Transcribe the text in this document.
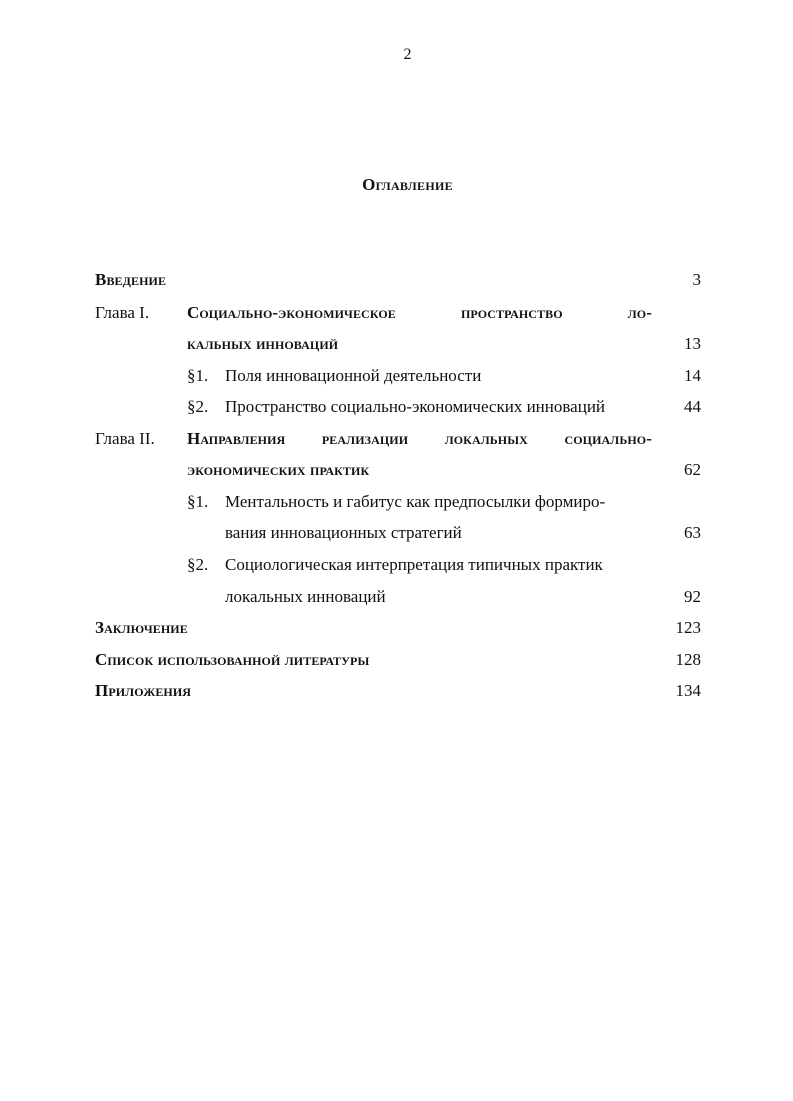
2
Оглавление
Введение	3
Глава I. Социально-экономическое	пространство	ло-
кальных инноваций	13
§1. Поля инновационной деятельности	14
§2. Пространство социально-экономических инноваций	44
Глава II. Направления реализации локальных социально-
экономических практик	62
§1. Ментальность и габитус как предпосылки формиро-
вания инновационных стратегий	63
§2. Социологическая интерпретация типичных практик
локальных инноваций	92
Заключение	123
Список использованной литературы	128
Приложения	134
